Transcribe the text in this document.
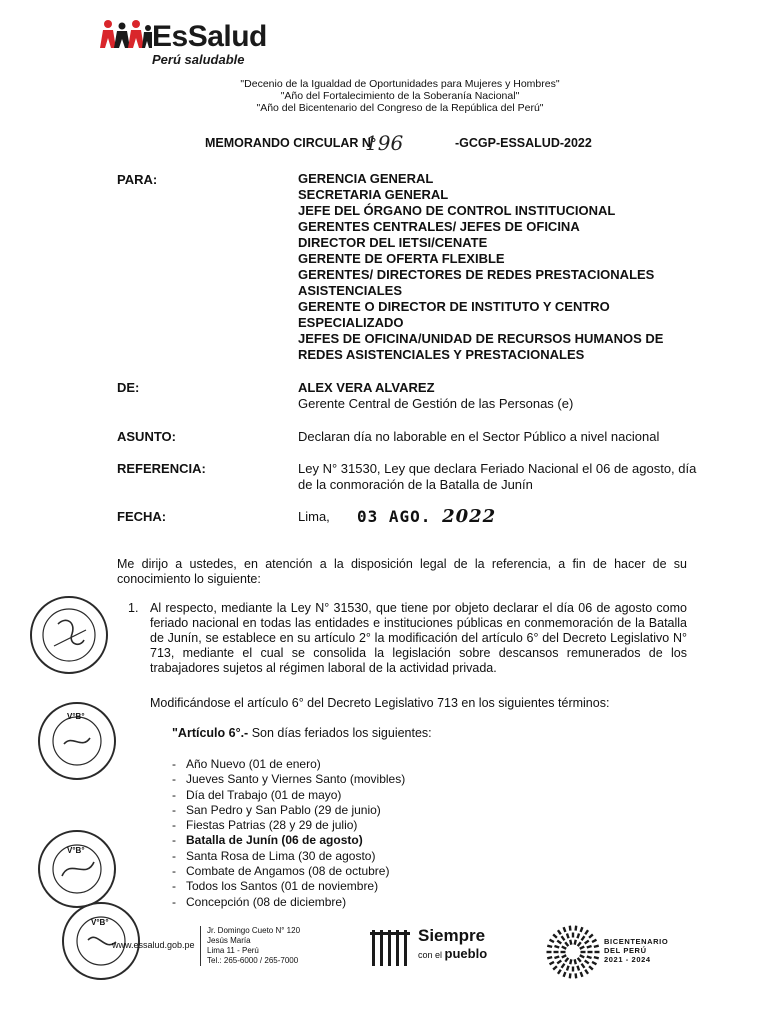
EsSalud
Perú saludable
"Decenio de la Igualdad de Oportunidades para Mujeres y Hombres"
"Año del Fortalecimiento de la Soberanía Nacional"
"Año del Bicentenario del Congreso de la República del Perú"
MEMORANDO CIRCULAR N°
196	-GCGP-ESSALUD-2022
PARA:	GERENCIA GENERAL
SECRETARIA GENERAL
JEFE DEL ÓRGANO DE CONTROL INSTITUCIONAL
GERENTES CENTRALES/ JEFES DE OFICINA
DIRECTOR DEL IETSI/CENATE
GERENTE DE OFERTA FLEXIBLE
GERENTES/ DIRECTORES DE REDES PRESTACIONALES
ASISTENCIALES
GERENTE O DIRECTOR DE INSTITUTO Y CENTRO
ESPECIALIZADO
JEFES DE OFICINA/UNIDAD DE RECURSOS HUMANOS DE
REDES ASISTENCIALES Y PRESTACIONALES
DE:	ALEX VERA ALVAREZ
Gerente Central de Gestión de las Personas (e)
ASUNTO:	Declaran día no laborable en el Sector Público a nivel nacional
REFERENCIA:	Ley N° 31530, Ley que declara Feriado Nacional el 06 de agosto, día
de la conmoración de la Batalla de Junín
FECHA:	Lima, 03 AGO. 2022
Me dirijo a ustedes, en atención a la disposición legal de la referencia, a fin de hacer de su conocimiento lo siguiente:
1. Al respecto, mediante la Ley N° 31530, que tiene por objeto declarar el día 06 de agosto como feriado nacional en todas las entidades e instituciones públicas en conmemoración de la Batalla de Junín, se establece en su artículo 2° la modificación del artículo 6° del Decreto Legislativo N° 713, mediante el cual se consolida la legislación sobre descansos remunerados de los trabajadores sujetos al régimen laboral de la actividad privada.
Modificándose el artículo 6° del Decreto Legislativo 713 en los siguientes términos:
"Artículo 6°.- Son días feriados los siguientes:
- Año Nuevo (01 de enero)
- Jueves Santo y Viernes Santo (movibles)
- Día del Trabajo (01 de mayo)
- San Pedro y San Pablo (29 de junio)
- Fiestas Patrias (28 y 29 de julio)
- Batalla de Junín (06 de agosto)
- Santa Rosa de Lima (30 de agosto)
- Combate de Angamos (08 de octubre)
- Todos los Santos (01 de noviembre)
- Concepción (08 de diciembre)
V°B°
V°B°
V°B°
www.essalud.gob.pe
Jr. Domingo Cueto N° 120
Jesús María
Lima 11 - Perú
Tel.: 265-6000 / 265-7000
Siempre
con el pueblo
BICENTENARIO
DEL PERÚ
2021 - 2024
